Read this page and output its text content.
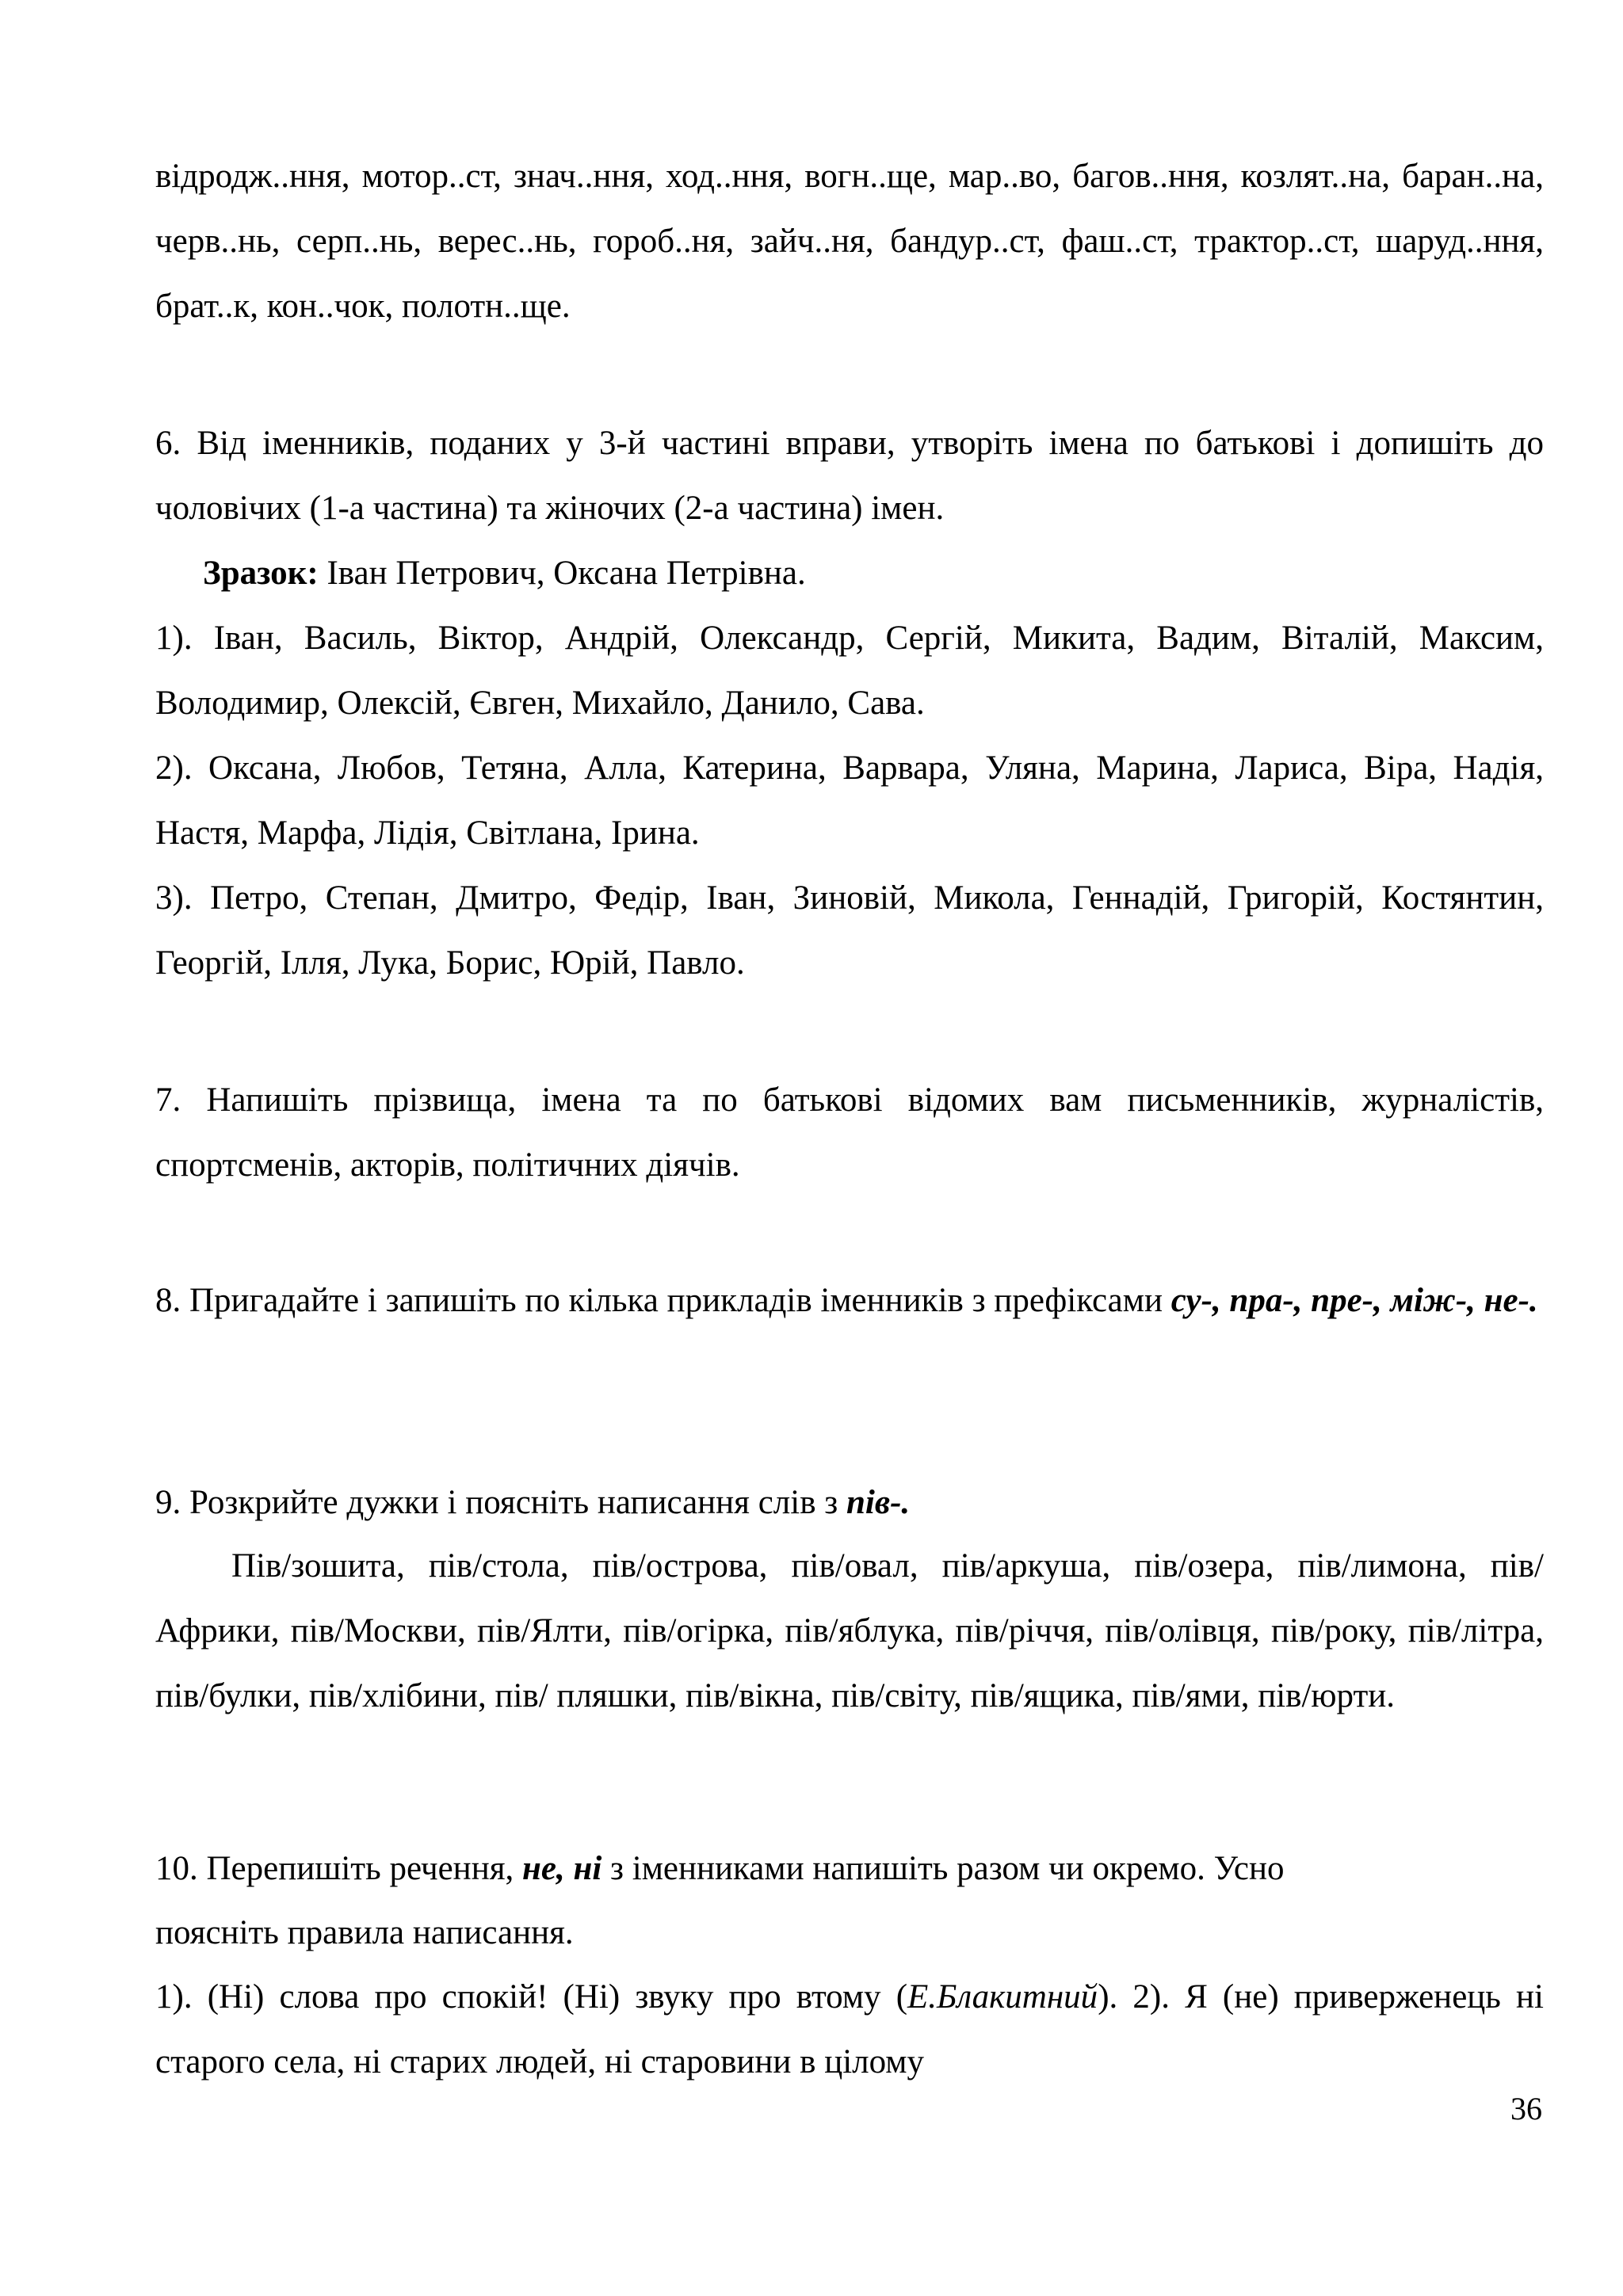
відродж..ння, мотор..ст, знач..ння, ход..ння, вогн..ще, мар..во, багов..ння, козлят..на, баран..на, черв..нь, серп..нь, верес..нь, гороб..ня, зайч..ня, бандур..ст, фаш..ст, трактор..ст, шаруд..ння, брат..к, кон..чок, полотн..ще.

6. Від іменників, поданих у 3-й частині вправи, утворіть імена по батькові і допишіть до чоловічих (1-а частина) та жіночих (2-а частина) імен.

Зразок: Іван Петрович, Оксана Петрівна.

1). Іван, Василь, Віктор, Андрій, Олександр, Сергій, Микита, Вадим, Віталій, Максим, Володимир, Олексій, Євген, Михайло, Данило, Сава.

2). Оксана, Любов, Тетяна, Алла, Катерина, Варвара, Уляна, Марина, Лариса, Віра, Надія, Настя, Марфа, Лідія, Світлана, Ірина.

3). Петро, Степан, Дмитро, Федір, Іван, Зиновій, Микола, Геннадій, Григорій, Костянтин, Георгій, Ілля, Лука, Борис, Юрій, Павло.

7. Напишіть прізвища, імена та по батькові відомих вам письменників, журналістів, спортсменів, акторів, політичних діячів.

8. Пригадайте і запишіть по кілька прикладів іменників з префіксами су-, пра-, пре-, між-, не-.

9. Розкрийте дужки і поясніть написання слів з пів-.

Пів/зошита, пів/стола, пів/острова, пів/овал, пів/аркуша, пів/озера, пів/лимона, пів/Африки, пів/Москви, пів/Ялти, пів/огірка, пів/яблука, пів/річчя, пів/олівця, пів/року, пів/літра, пів/булки, пів/хлібини, пів/ пляшки, пів/вікна, пів/світу, пів/ящика, пів/ями, пів/юрти.

10. Перепишіть речення, не, ні з іменниками напишіть разом чи окремо. Усно

поясніть правила написання.

1). (Ні) слова про спокій! (Ні) звуку про втому (Е.Блакитний). 2). Я (не) приверженець ні старого села, ні старих людей, ні старовини в цілому

36
